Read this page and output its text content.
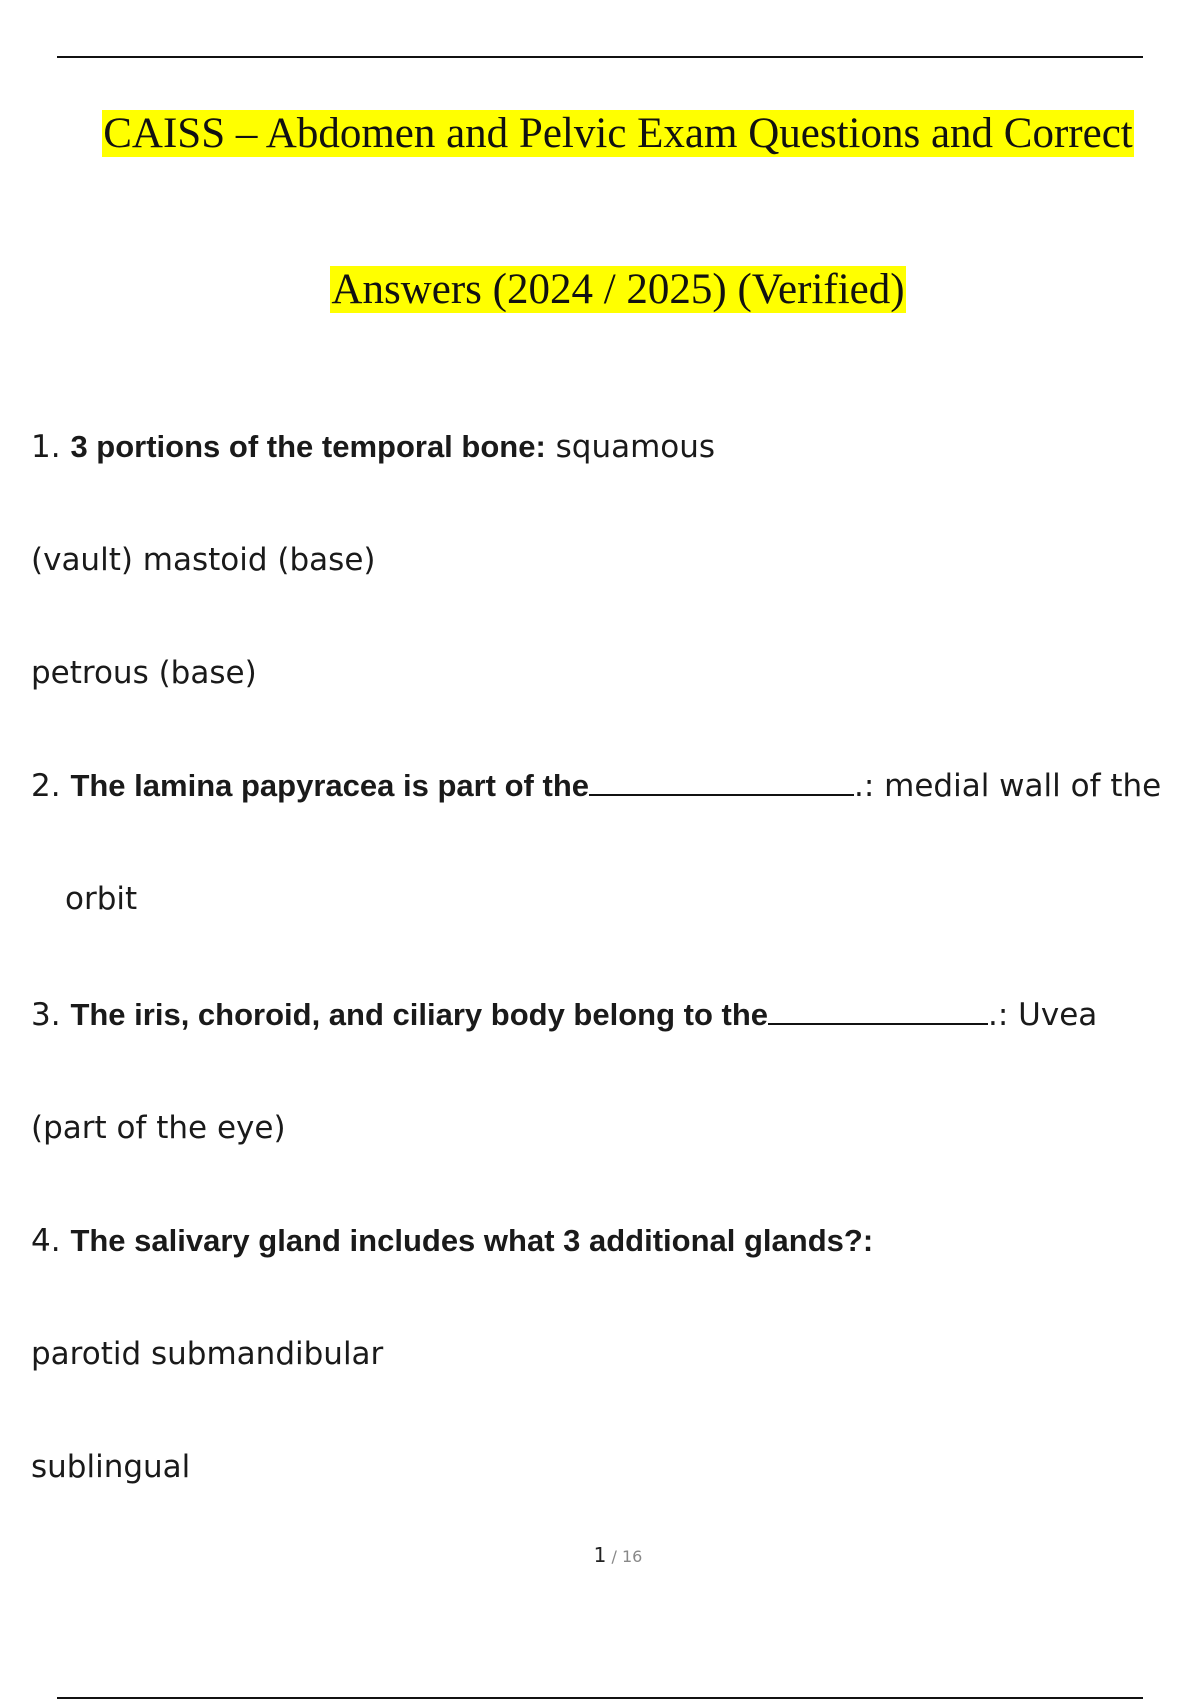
CAISS – Abdomen and Pelvic Exam Questions and Correct
Answers (2024 / 2025) (Verified)
1. 3 portions of the temporal bone: squamous
(vault) mastoid (base)
petrous (base)
2. The lamina papyracea is part of the	.: medial wall of the
orbit
3. The iris, choroid, and ciliary body belong to the	.: Uvea
(part of the eye)
4. The salivary gland includes what 3 additional glands?:
parotid submandibular
sublingual
1 / 16
